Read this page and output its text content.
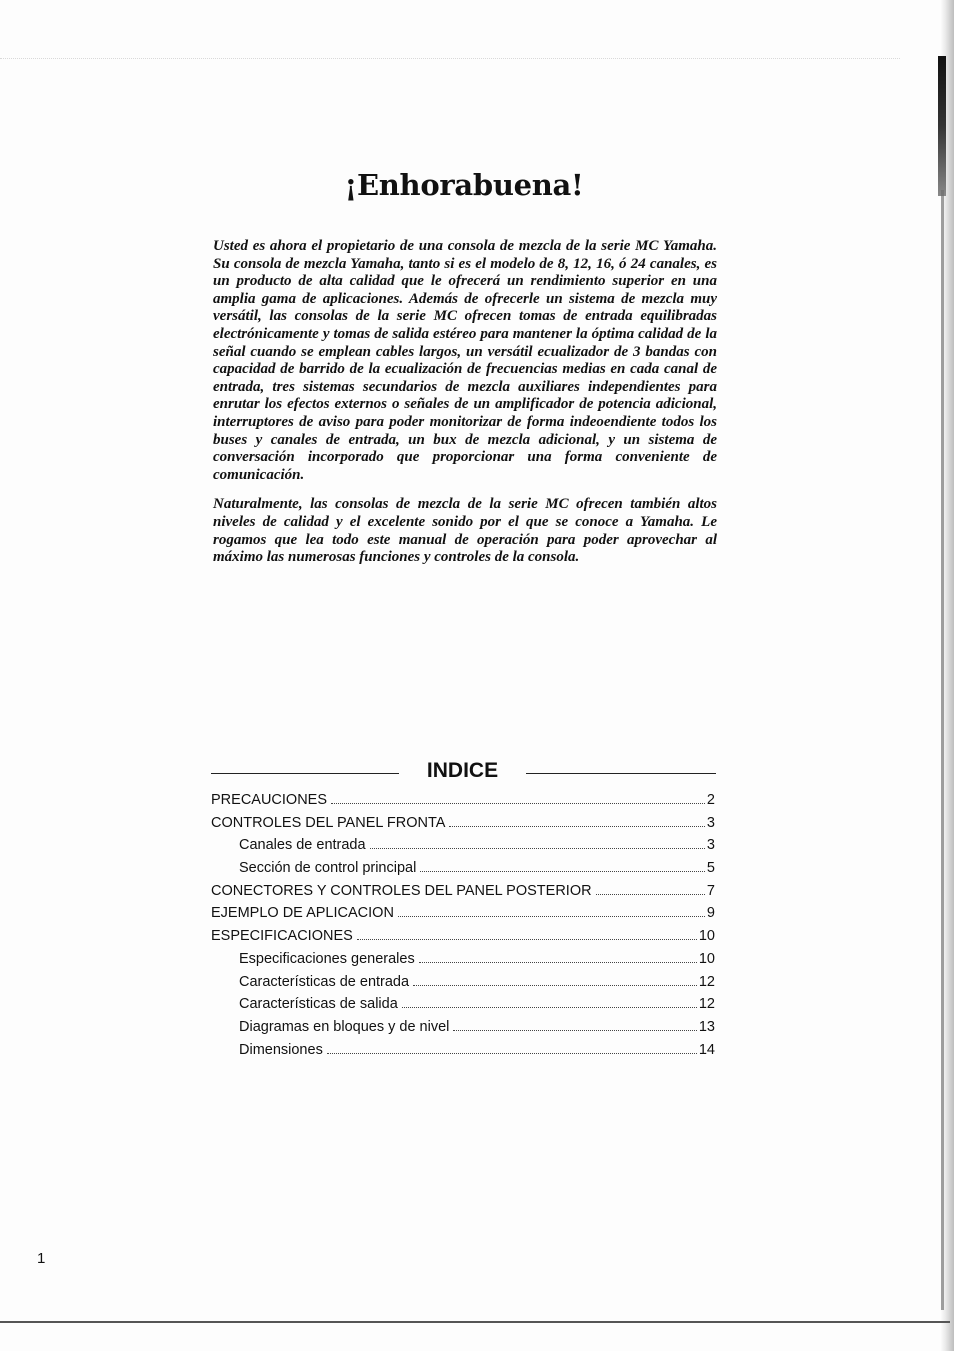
¡Enhorabuena!

Usted es ahora el propietario de una consola de mezcla de la serie MC Yamaha. Su consola de mezcla Yamaha, tanto si es el modelo de 8, 12, 16, ó 24 canales, es un producto de alta calidad que le ofrecerá un rendimiento superior en una amplia gama de aplicaciones. Además de ofrecerle un sistema de mezcla muy versátil, las consolas de la serie MC ofrecen tomas de entrada equilibradas electrónicamente y tomas de salida estéreo para mantener la óptima calidad de la señal cuando se emplean cables largos, un versátil ecualizador de 3 bandas con capacidad de barrido de la ecualización de frecuencias medias en cada canal de entrada, tres sistemas secundarios de mezcla auxiliares independientes para enrutar los efectos externos o señales de un amplificador de potencia adicional, interruptores de aviso para poder monitorizar de forma indeoendiente todos los buses y canales de entrada, un bux de mezcla adicional, y un sistema de conversación incorporado que proporcionar una forma conveniente de comunicación.

Naturalmente, las consolas de mezcla de la serie MC ofrecen también altos niveles de calidad y el excelente sonido por el que se conoce a Yamaha. Le rogamos que lea todo este manual de operación para poder aprovechar al máximo las numerosas funciones y controles de la consola.

INDICE
PRECAUCIONES	2
CONTROLES DEL PANEL FRONTA	3
Canales de entrada	3
Sección de control principal	5
CONECTORES Y CONTROLES DEL PANEL POSTERIOR	7
EJEMPLO DE APLICACION	9
ESPECIFICACIONES	10
Especificaciones generales	10
Características de entrada	12
Características de salida	12
Diagramas en bloques y de nivel	13
Dimensiones	14
1
